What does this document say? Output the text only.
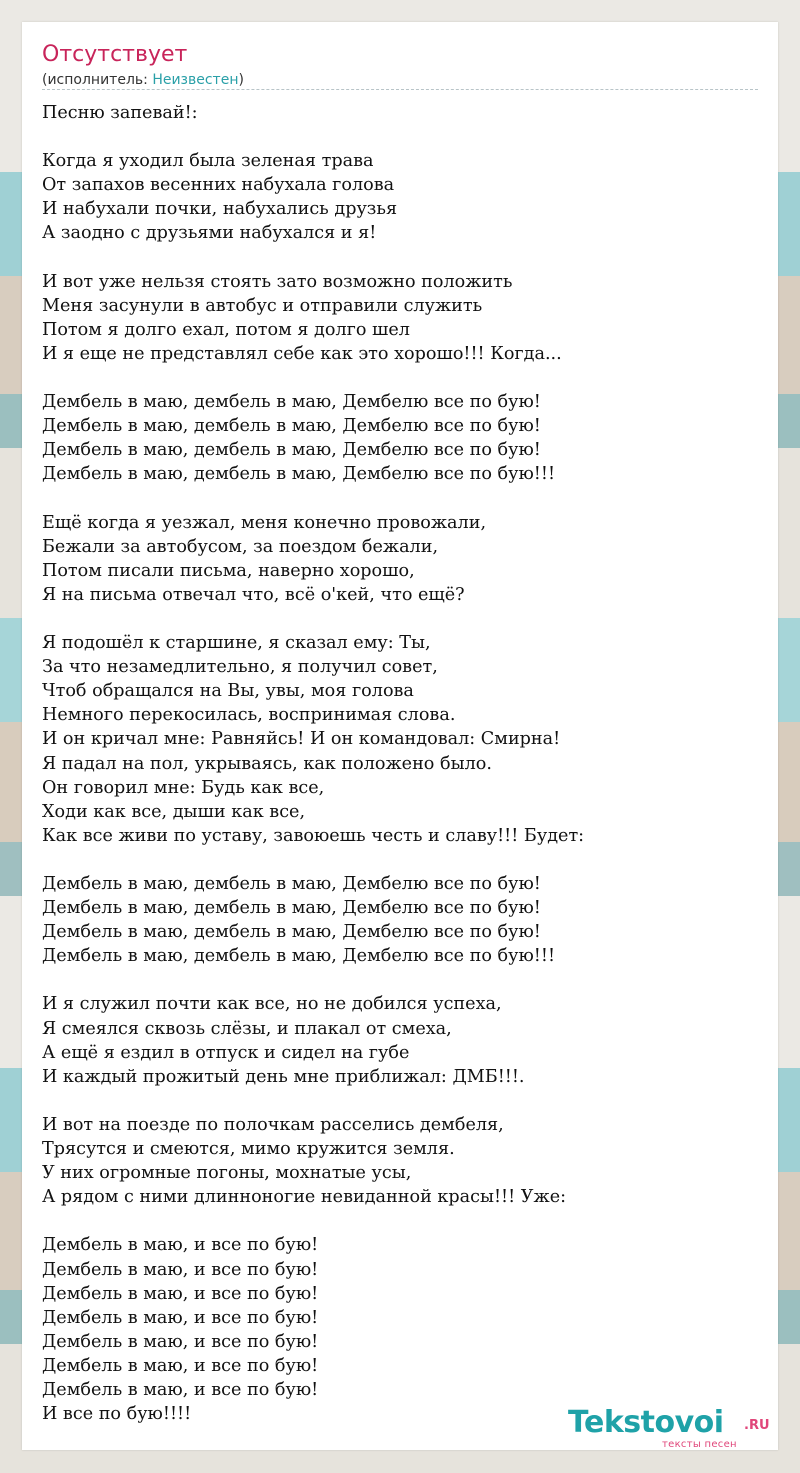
Отсутствует
(исполнитель: Неизвестен)
Песню запевай!:
Когда я уходил была зеленая трава
От запахов весенних набухала голова
И набухали почки, набухались друзья
А заодно с друзьями набухался и я!
И вот уже нельзя стоять зато возможно положить
Меня засунули в автобус и отправили служить
Потом я долго ехал, потом я долго шел
И я еще не представлял себе как это хорошо!!! Когда...
Дембель в маю, дембель в маю, Дембелю все по бую!
Дембель в маю, дембель в маю, Дембелю все по бую!
Дембель в маю, дембель в маю, Дембелю все по бую!
Дембель в маю, дембель в маю, Дембелю все по бую!!!
Ещё когда я уезжал, меня конечно провожали,
Бежали за автобусом, за поездом бежали,
Потом писали письма, наверно хорошо,
Я на письма отвечал что, всё о'кей, что ещё?
Я подошёл к старшине, я сказал ему: Ты,
За что незамедлительно, я получил совет,
Чтоб обращался на Вы, увы, моя голова
Немного перекосилась, воспринимая слова.
И он кричал мне: Равняйсь! И он командовал: Смирна!
Я падал на пол, укрываясь, как положено было.
Он говорил мне: Будь как все,
Ходи как все, дыши как все,
Как все живи по уставу, завоюешь честь и славу!!! Будет:
Дембель в маю, дембель в маю, Дембелю все по бую!
Дембель в маю, дембель в маю, Дембелю все по бую!
Дембель в маю, дембель в маю, Дембелю все по бую!
Дембель в маю, дембель в маю, Дембелю все по бую!!!
И я служил почти как все, но не добился успеха,
Я смеялся сквозь слёзы, и плакал от смеха,
А ещё я ездил в отпуск и сидел на губе
И каждый прожитый день мне приближал: ДМБ!!!.
И вот на поезде по полочкам расселись дембеля,
Трясутся и смеются, мимо кружится земля.
У них огромные погоны, мохнатые усы,
А рядом с ними длинноногие невиданной красы!!! Уже:
Дембель в маю, и все по бую!
Дембель в маю, и все по бую!
Дембель в маю, и все по бую!
Дембель в маю, и все по бую!
Дембель в маю, и все по бую!
Дембель в маю, и все по бую!
Дембель в маю, и все по бую!
И все по бую!!!!	Tekstovoi .RU
тексты песен
